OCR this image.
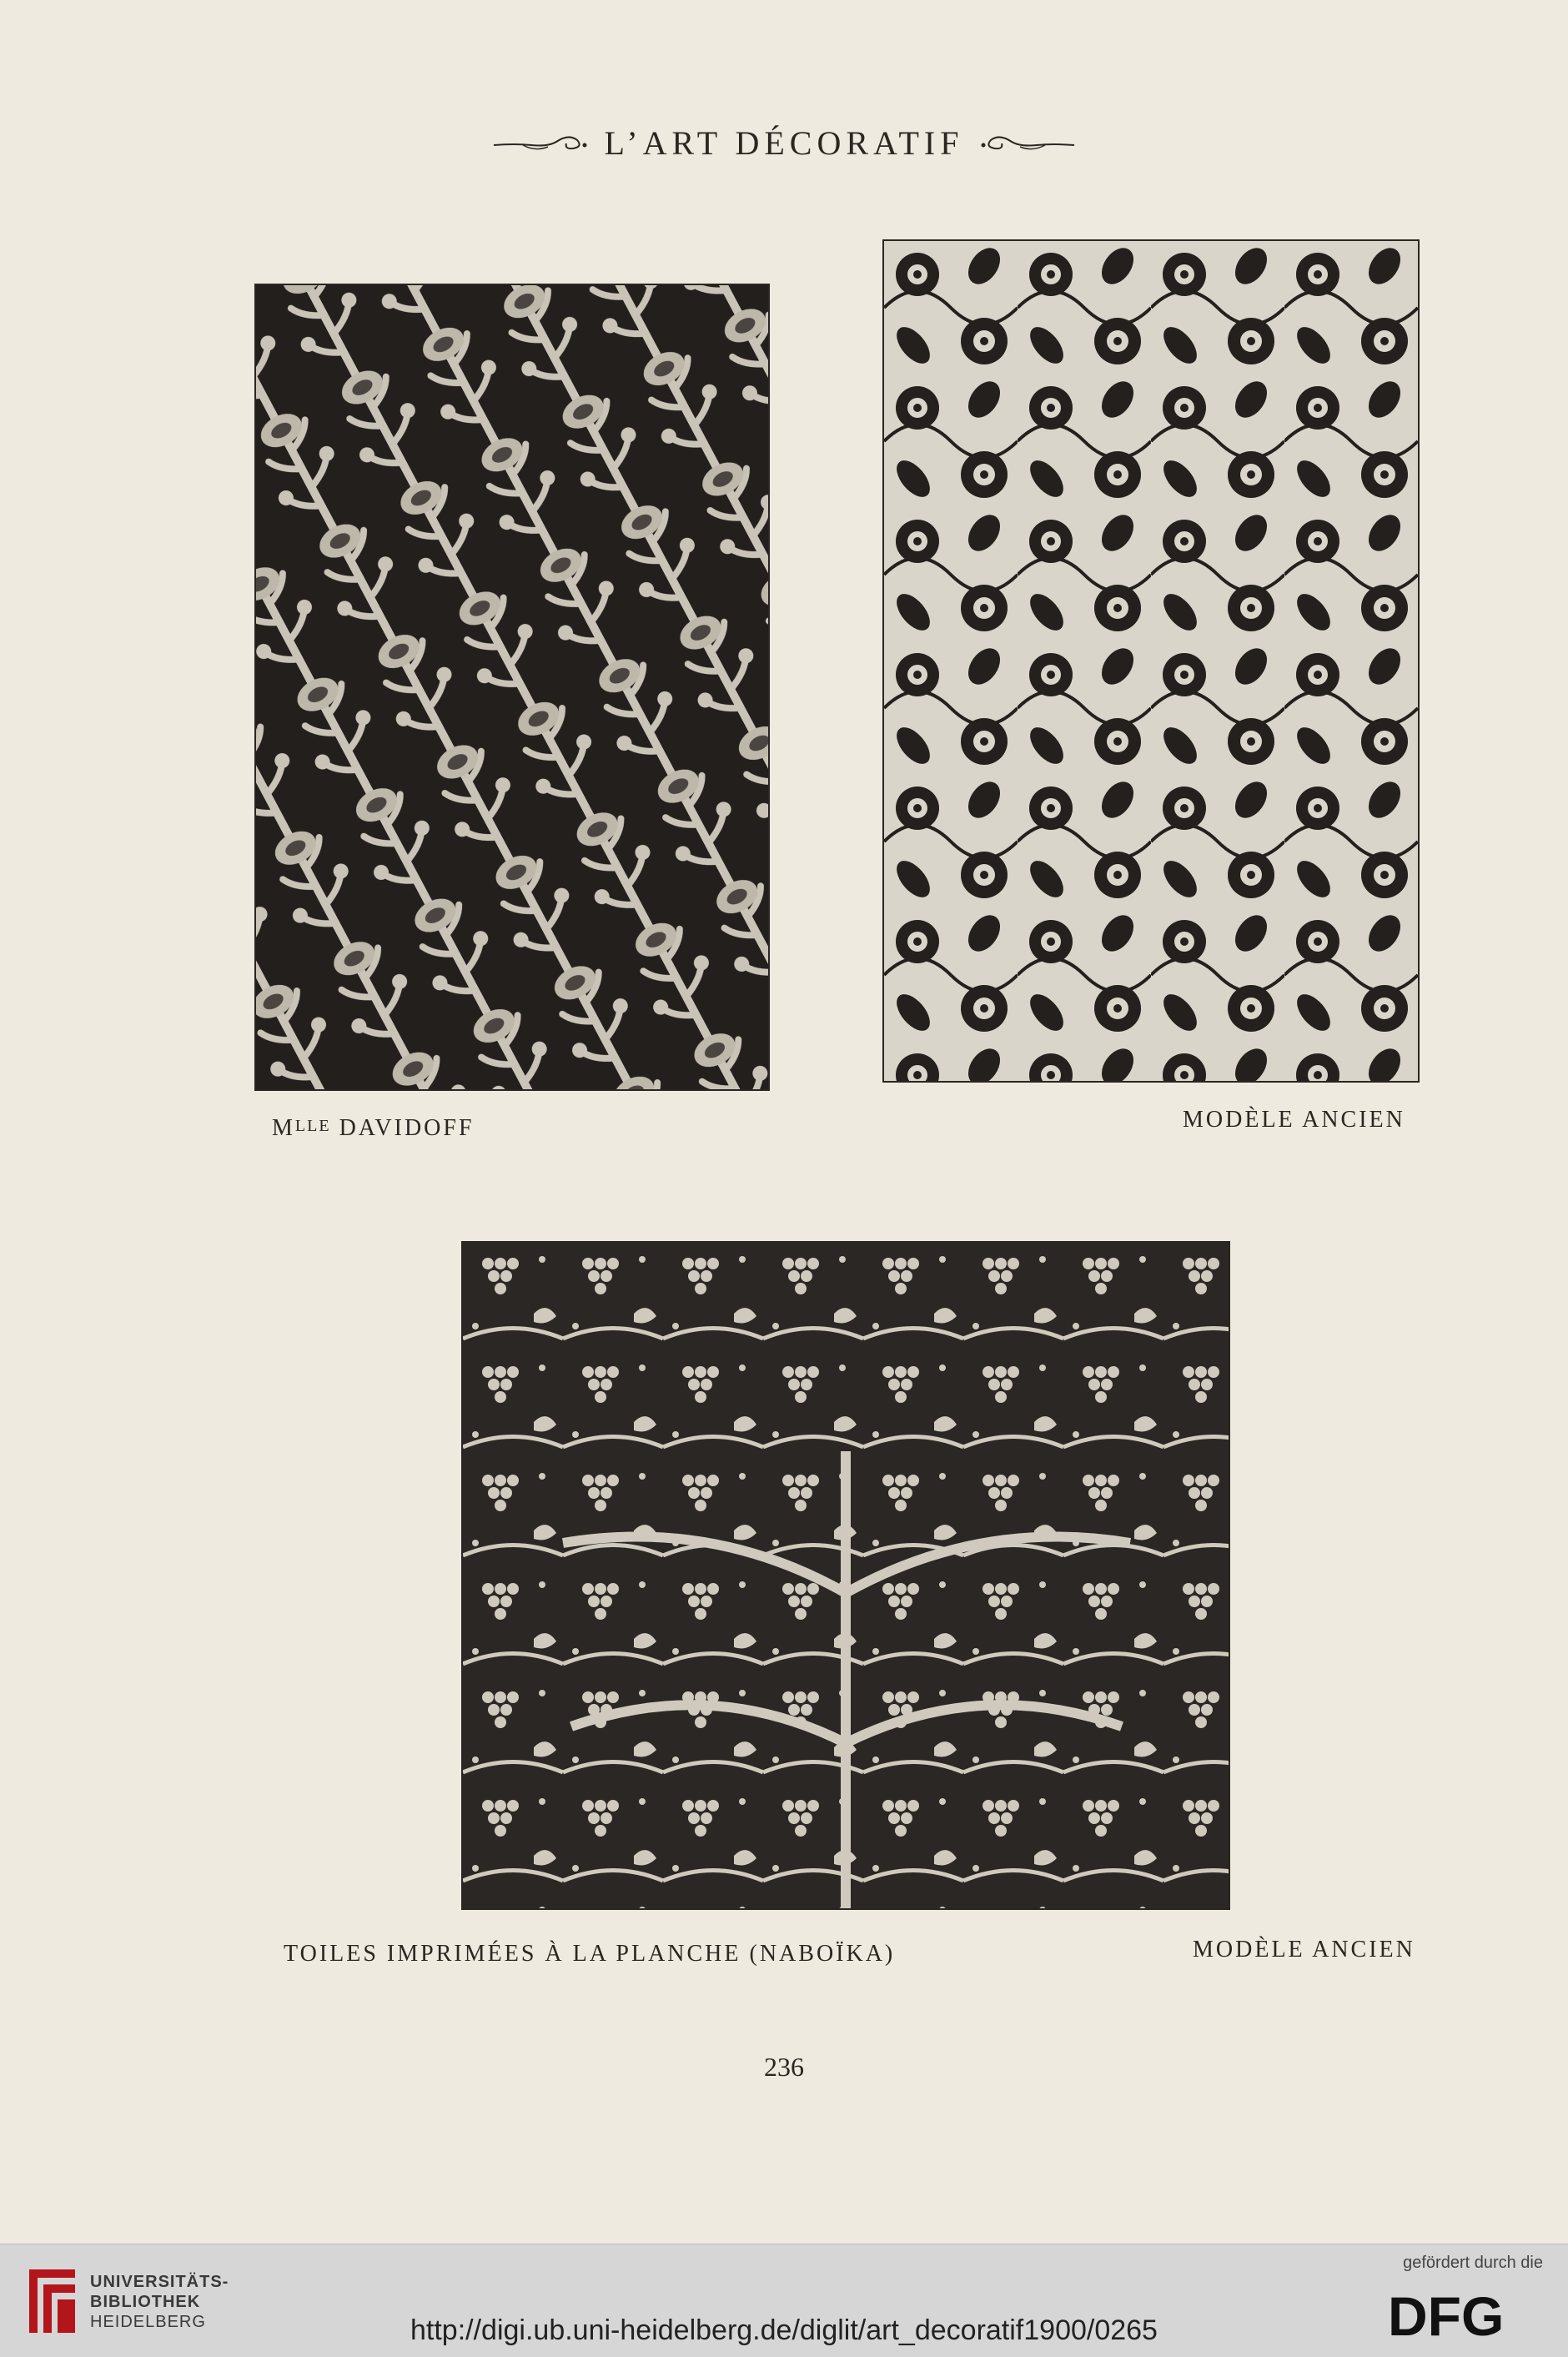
L’ART DÉCORATIF
MLLE DAVIDOFF	MODÈLE ANCIEN
TOILES IMPRIMÉES À LA PLANCHE (NABOÏKA)	MODÈLE ANCIEN
236
UNIVERSITÄTS-
BIBLIOTHEK
HEIDELBERG	http://digi.ub.uni-heidelberg.de/diglit/art_decoratif1900/0265
gefördert durch die
DFG
